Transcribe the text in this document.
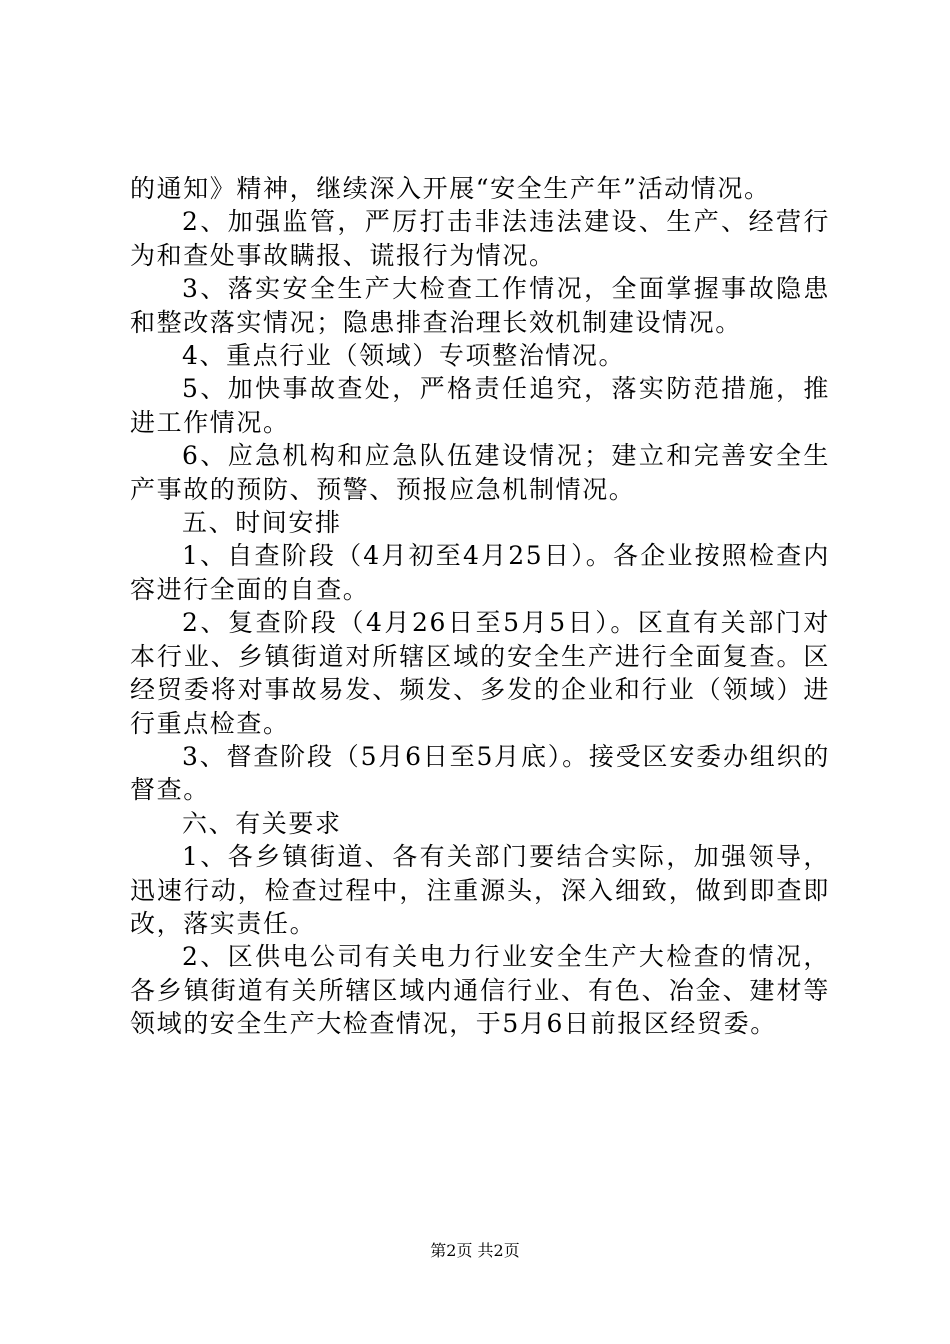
的通知》精神，继续深入开展“安全生产年”活动情况。

2、加强监管，严厉打击非法违法建设、生产、经营行为和查处事故瞒报、谎报行为情况。

3、落实安全生产大检查工作情况，全面掌握事故隐患和整改落实情况；隐患排查治理长效机制建设情况。

4、重点行业（领域）专项整治情况。

5、加快事故查处，严格责任追究，落实防范措施，推进工作情况。

6、应急机构和应急队伍建设情况；建立和完善安全生产事故的预防、预警、预报应急机制情况。

五、时间安排

1、自查阶段（4月初至4月25日）。各企业按照检查内容进行全面的自查。

2、复查阶段（4月26日至5月5日）。区直有关部门对本行业、乡镇街道对所辖区域的安全生产进行全面复查。区经贸委将对事故易发、频发、多发的企业和行业（领域）进行重点检查。

3、督查阶段（5月6日至5月底）。接受区安委办组织的督查。

六、有关要求

1、各乡镇街道、各有关部门要结合实际，加强领导，迅速行动，检查过程中，注重源头，深入细致，做到即查即改，落实责任。

2、区供电公司有关电力行业安全生产大检查的情况，各乡镇街道有关所辖区域内通信行业、有色、冶金、建材等领域的安全生产大检查情况，于5月6日前报区经贸委。

第2页 共2页
